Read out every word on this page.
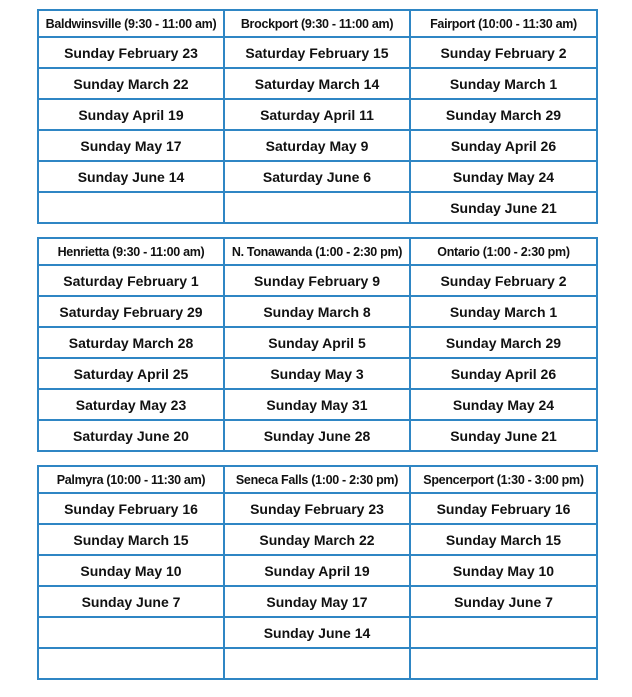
Baldwinsville (9:30 - 11:00 am)	Brockport (9:30 - 11:00 am)	Fairport (10:00 - 11:30 am)
Sunday February 23	Saturday February 15	Sunday February 2
Sunday March 22	Saturday March 14	Sunday March 1
Sunday April 19	Saturday April 11	Sunday March 29
Sunday May 17	Saturday May 9	Sunday April 26
Sunday June 14	Saturday June 6	Sunday May 24
		Sunday June 21
Henrietta (9:30 - 11:00 am)	N. Tonawanda (1:00 - 2:30 pm)	Ontario (1:00 - 2:30 pm)
Saturday February 1	Sunday February 9	Sunday February 2
Saturday February 29	Sunday March 8	Sunday March 1
Saturday March 28	Sunday April 5	Sunday March 29
Saturday April 25	Sunday May 3	Sunday April 26
Saturday May 23	Sunday May 31	Sunday May 24
Saturday June 20	Sunday June 28	Sunday June 21
Palmyra (10:00 - 11:30 am)	Seneca Falls (1:00 - 2:30 pm)	Spencerport (1:30 - 3:00 pm)
Sunday February 16	Sunday February 23	Sunday February 16
Sunday March 15	Sunday March 22	Sunday March 15
Sunday May 10	Sunday April 19	Sunday May 10
Sunday June 7	Sunday May 17	Sunday June 7
	Sunday June 14	
